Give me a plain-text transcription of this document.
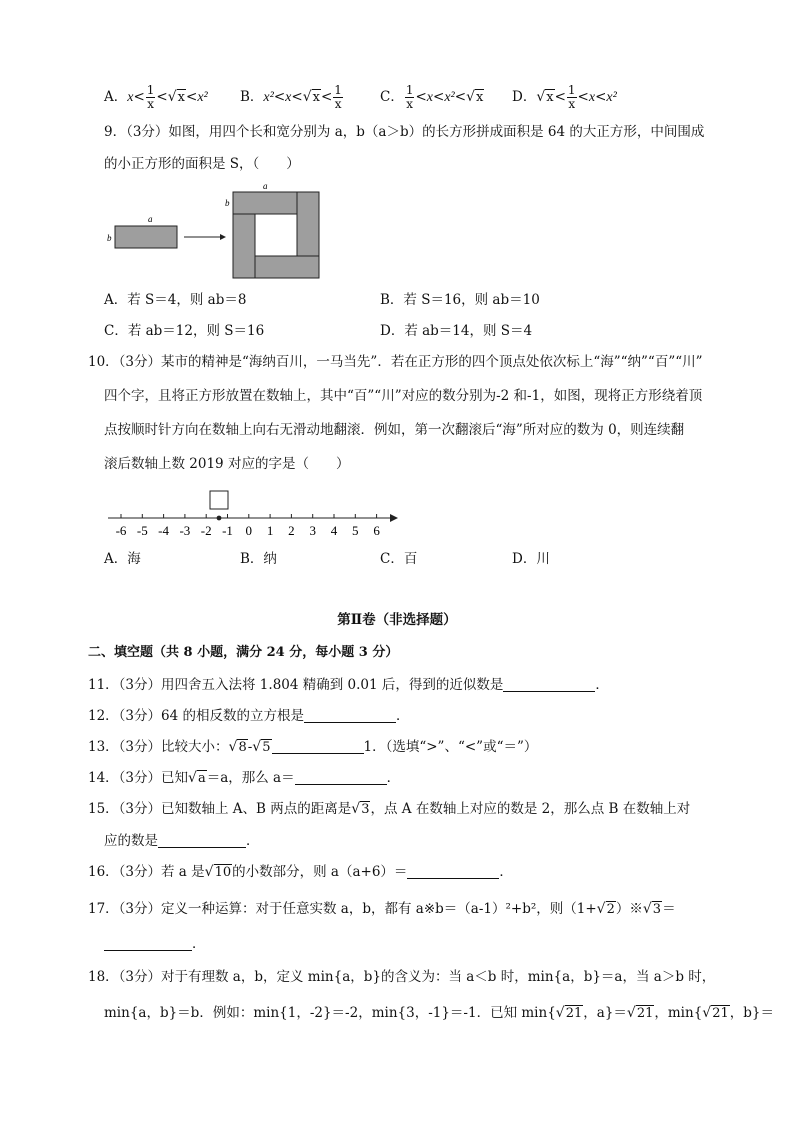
A．$x< \frac{1}{x} <√x<x^2$ B．$x^2<x<√x< \frac{1}{x}$	C． $\frac{1}{x} <x<x^2<√x$ D．$√x< \frac{1}{x} <x<x^2$
9．（3分）如图，用四个长和宽分别为 a，b（a＞b）的长方形拼成面积是 64 的大正方形，中间围成
的小正方形的面积是 S，（　　）
a
b
a
b
A．若 S＝4，则 ab＝8	B．若 S＝16，则 ab＝10
C．若 ab＝12，则 S＝16	D．若 ab＝14，则 S＝4
10．（3分）某市的精神是“海纳百川，一马当先”．若在正方形的四个顶点处依次标上“海”“纳”“百”“川”
四个字，且将正方形放置在数轴上，其中“百”“川”对应的数分别为-2 和-1，如图，现将正方形绕着顶
点按顺时针方向在数轴上向右无滑动地翻滚．例如，第一次翻滚后“海”所对应的数为 0，则连续翻
滚后数轴上数 2019 对应的字是（　　）
-6 -5 -4 -3 -2 -1 0 1 2 3 4 5 6
A．海	B．纳	C．百	D．川
第Ⅱ卷（非选择题）
二、填空题（共 8 小题，满分 24 分，每小题 3 分）
11．（3分）用四舍五入法将 1.804 精确到 0.01 后，得到的近似数是	．
12．（3分）64 的相反数的立方根是	．
13．（3分）比较大小：√8-√5	1．（选填“>”、“<”或“＝”）
14．（3分）已知√a＝a，那么 a＝	．
15．（3分）已知数轴上 A、B 两点的距离是√3，点 A 在数轴上对应的数是 2，那么点 B 在数轴上对
应的数是	．
16．（3分）若 a 是√10的小数部分，则 a（a+6）＝	．
17．（3分）定义一种运算：对于任意实数 a，b，都有 a※b＝（a-1）²+b²，则（1+√2）※√3＝
．
18．（3分）对于有理数 a，b，定义 min{a，b}的含义为：当 a＜b 时，min{a，b}＝a，当 a＞b 时，
min{a，b}＝b．例如：min{1，-2}＝-2，min{3，-1}＝-1．已知 min{√21，a}＝√21，min{√21，b}＝
